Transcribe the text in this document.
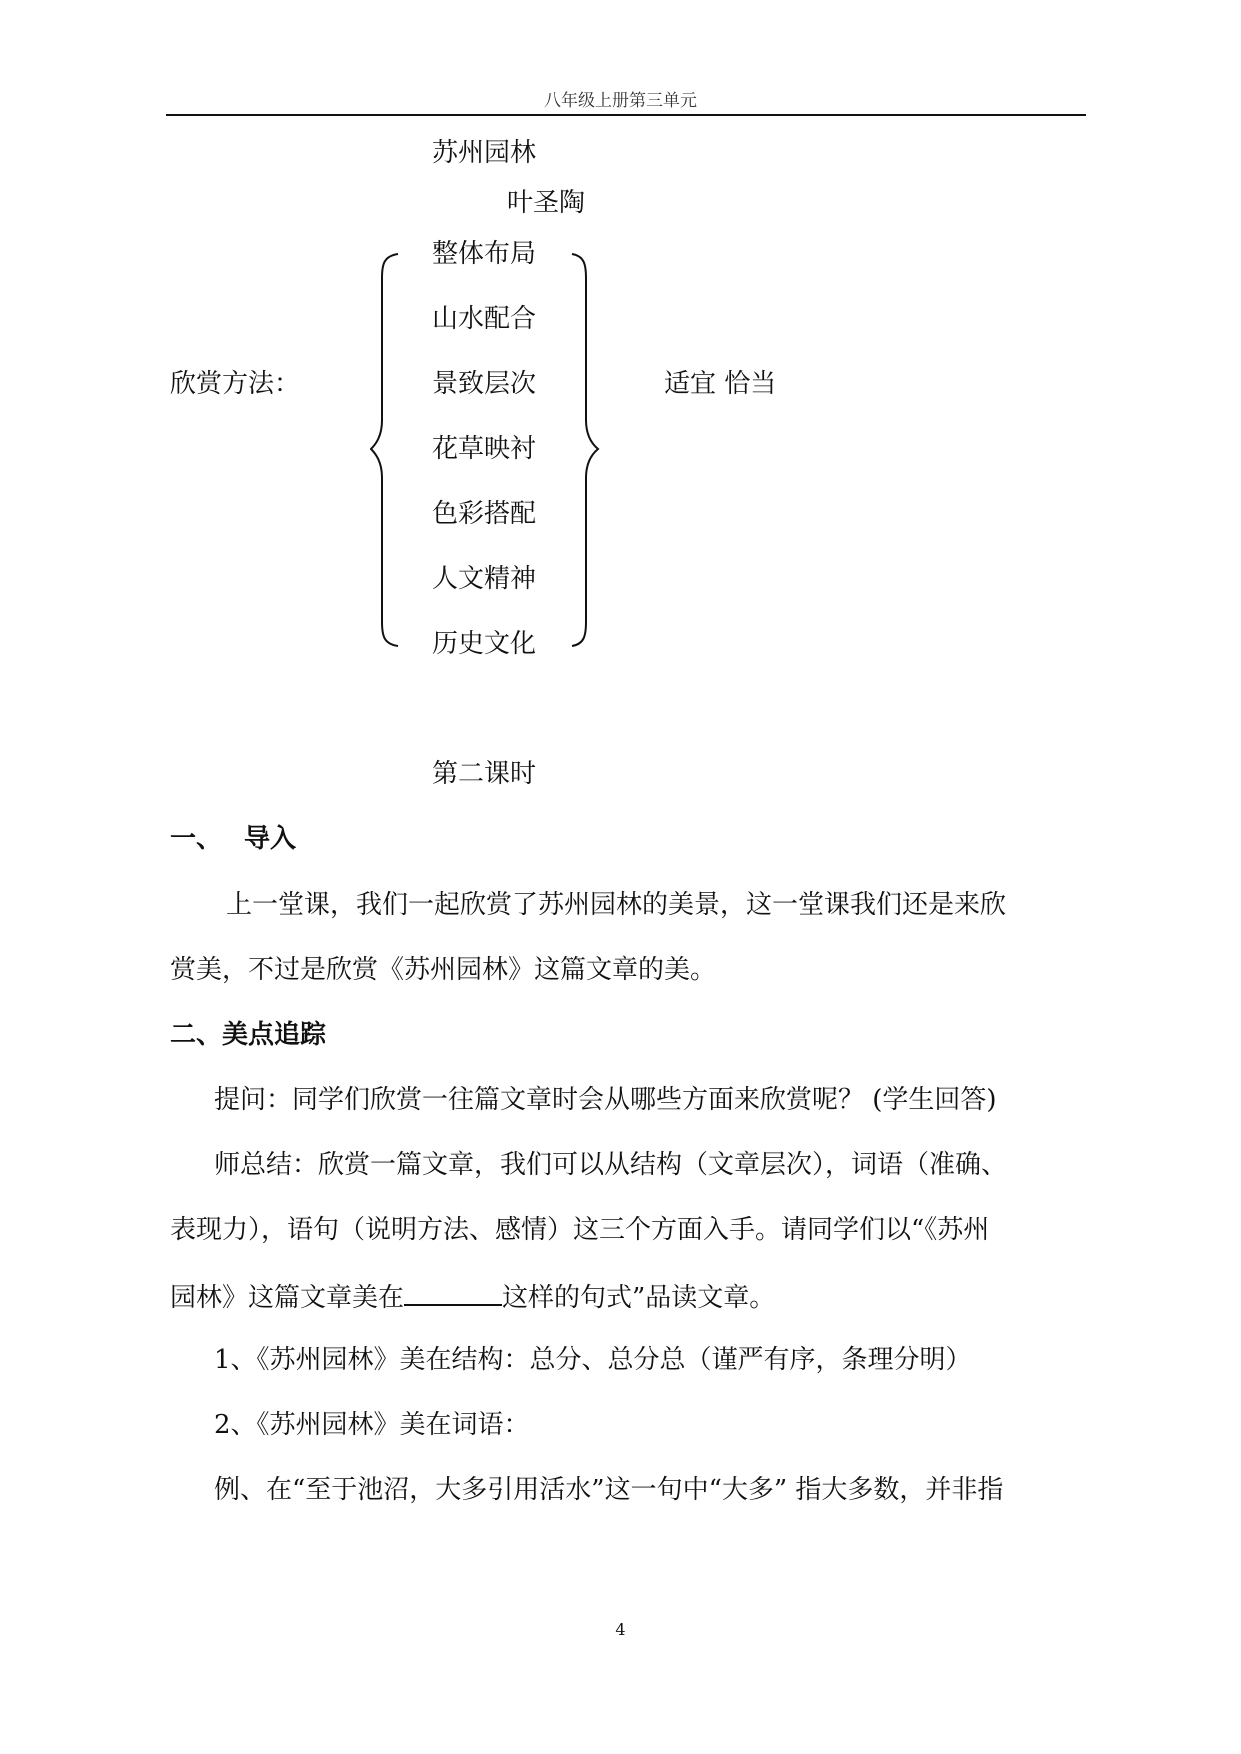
八年级上册第三单元
苏州园林
叶圣陶
欣赏方法：
整体布局
山水配合
景致层次
花草映衬
色彩搭配
人文精神
历史文化
适宜 恰当
第二课时
一、 导入
上一堂课，我们一起欣赏了苏州园林的美景，这一堂课我们还是来欣
赏美，不过是欣赏《苏州园林》这篇文章的美。
二、美点追踪
提问：同学们欣赏一往篇文章时会从哪些方面来欣赏呢？ (学生回答)
师总结：欣赏一篇文章，我们可以从结构（文章层次），词语（准确、
表现力），语句（说明方法、感情）这三个方面入手。请同学们以“《苏州
园林》这篇文章美在	这样的句式”品读文章。
1、《苏州园林》美在结构：总分、总分总（谨严有序，条理分明）
2、《苏州园林》美在词语：
例、在“至于池沼，大多引用活水”这一句中“大多” 指大多数，并非指
4
